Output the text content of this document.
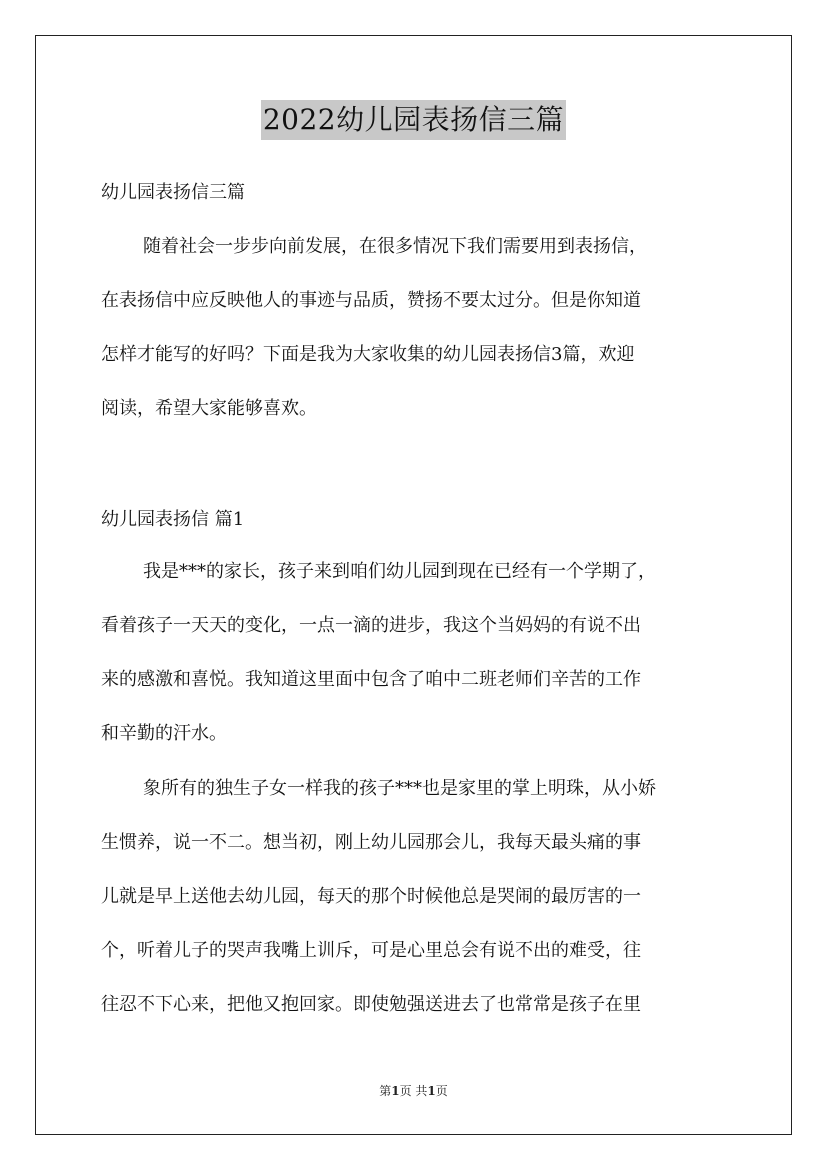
2022幼儿园表扬信三篇
幼儿园表扬信三篇
随着社会一步步向前发展，在很多情况下我们需要用到表扬信，
在表扬信中应反映他人的事迹与品质，赞扬不要太过分。但是你知道
怎样才能写的好吗？下面是我为大家收集的幼儿园表扬信3篇，欢迎
阅读，希望大家能够喜欢。
幼儿园表扬信 篇1
我是***的家长，孩子来到咱们幼儿园到现在已经有一个学期了，
看着孩子一天天的变化，一点一滴的进步，我这个当妈妈的有说不出
来的感激和喜悦。我知道这里面中包含了咱中二班老师们辛苦的工作
和辛勤的汗水。
象所有的独生子女一样我的孩子***也是家里的掌上明珠，从小娇
生惯养，说一不二。想当初，刚上幼儿园那会儿，我每天最头痛的事
儿就是早上送他去幼儿园，每天的那个时候他总是哭闹的最厉害的一
个，听着儿子的哭声我嘴上训斥，可是心里总会有说不出的难受，往
往忍不下心来，把他又抱回家。即使勉强送进去了也常常是孩子在里
第1页 共1页
